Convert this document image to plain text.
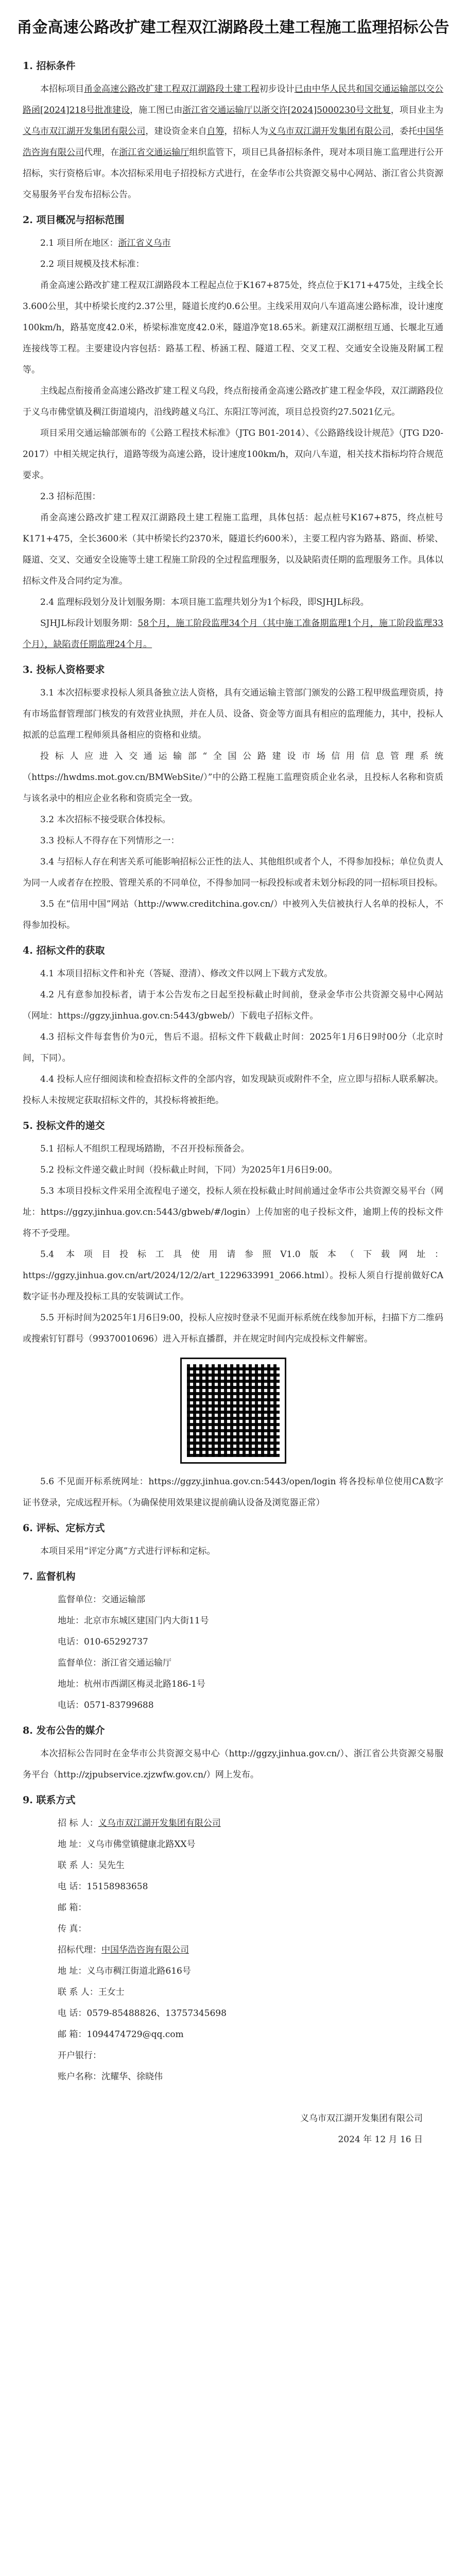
甬金高速公路改扩建工程双江湖路段土建工程施工监理招标公告
1. 招标条件

本招标项目甬金高速公路改扩建工程双江湖路段土建工程初步设计已由中华人民共和国交通运输部以交公路函[2024]218号批准建设，施工图已由浙江省交通运输厅以浙交许[2024]5000230号文批复，项目业主为义乌市双江湖开发集团有限公司，建设资金来自自筹，招标人为义乌市双江湖开发集团有限公司，委托中国华浩咨询有限公司代理，在浙江省交通运输厅组织监管下，项目已具备招标条件，现对本项目施工监理进行公开招标，实行资格后审。本次招标采用电子招投标方式进行，在金华市公共资源交易中心网站、浙江省公共资源交易服务平台发布招标公告。

2. 项目概况与招标范围

2.1 项目所在地区：浙江省义乌市

2.2 项目规模及技术标准：

甬金高速公路改扩建工程双江湖路段本工程起点位于K167+875处，终点位于K171+475处，主线全长3.600公里，其中桥梁长度约2.37公里，隧道长度约0.6公里。主线采用双向八车道高速公路标准，设计速度100km/h，路基宽度42.0米，桥梁标准宽度42.0米，隧道净宽18.65米。新建双江湖枢纽互通、长堰北互通连接线等工程。主要建设内容包括：路基工程、桥涵工程、隧道工程、交叉工程、交通安全设施及附属工程等。

主线起点衔接甬金高速公路改扩建工程义乌段，终点衔接甬金高速公路改扩建工程金华段，双江湖路段位于义乌市佛堂镇及稠江街道境内，沿线跨越义乌江、东阳江等河流，项目总投资约27.5021亿元。

项目采用交通运输部颁布的《公路工程技术标准》（JTG B01-2014）、《公路路线设计规范》（JTG D20-2017）中相关规定执行，道路等级为高速公路，设计速度100km/h，双向八车道，相关技术指标均符合规范要求。

2.3 招标范围：

甬金高速公路改扩建工程双江湖路段土建工程施工监理，具体包括：起点桩号K167+875，终点桩号K171+475，全长3600米（其中桥梁长约2370米，隧道长约600米），主要工程内容为路基、路面、桥梁、隧道、交叉、交通安全设施等土建工程施工阶段的全过程监理服务，以及缺陷责任期的监理服务工作。具体以招标文件及合同约定为准。

2.4 监理标段划分及计划服务期：本项目施工监理共划分为1个标段，即SJHJL标段。

SJHJL标段计划服务期：58个月，施工阶段监理34个月（其中施工准备期监理1个月，施工阶段监理33个月），缺陷责任期监理24个月。

3. 投标人资格要求

3.1 本次招标要求投标人须具备独立法人资格，具有交通运输主管部门颁发的公路工程甲级监理资质，持有市场监督管理部门核发的有效营业执照，并在人员、设备、资金等方面具有相应的监理能力，其中，投标人拟派的总监理工程师须具备相应的资格和业绩。

投标人应进入交通运输部“全国公路建设市场信用信息管理系统（https://hwdms.mot.gov.cn/BMWebSite/）”中的公路工程施工监理资质企业名录，且投标人名称和资质与该名录中的相应企业名称和资质完全一致。

3.2 本次招标不接受联合体投标。

3.3 投标人不得存在下列情形之一：

3.4 与招标人存在利害关系可能影响招标公正性的法人、其他组织或者个人，不得参加投标；单位负责人为同一人或者存在控股、管理关系的不同单位，不得参加同一标段投标或者未划分标段的同一招标项目投标。

3.5 在“信用中国”网站（http://www.creditchina.gov.cn/）中被列入失信被执行人名单的投标人，不得参加投标。

4. 招标文件的获取

4.1 本项目招标文件和补充（答疑、澄清）、修改文件以网上下载方式发放。

4.2 凡有意参加投标者，请于本公告发布之日起至投标截止时间前，登录金华市公共资源交易中心网站（网址：https://ggzy.jinhua.gov.cn:5443/gbweb/）下载电子招标文件。

4.3 招标文件每套售价为0元，售后不退。招标文件下载截止时间：2025年1月6日9时00分（北京时间，下同）。

4.4 投标人应仔细阅读和检查招标文件的全部内容，如发现缺页或附件不全，应立即与招标人联系解决。投标人未按规定获取招标文件的，其投标将被拒绝。

5. 投标文件的递交

5.1 招标人不组织工程现场踏勘，不召开投标预备会。

5.2 投标文件递交截止时间（投标截止时间，下同）为2025年1月6日9:00。

5.3 本项目投标文件采用全流程电子递交，投标人须在投标截止时间前通过金华市公共资源交易平台（网址：https://ggzy.jinhua.gov.cn:5443/gbweb/#/login）上传加密的电子投标文件，逾期上传的投标文件将不予受理。

5.4 本项目投标工具使用请参照V1.0版本（下载网址：https://ggzy.jinhua.gov.cn/art/2024/12/2/art_1229633991_2066.html）。投标人须自行提前做好CA数字证书办理及投标工具的安装调试工作。

5.5 开标时间为2025年1月6日9:00，投标人应按时登录不见面开标系统在线参加开标，扫描下方二维码或搜索钉钉群号（99370010696）进入开标直播群，并在规定时间内完成投标文件解密。

5.6 不见面开标系统网址：https://ggzy.jinhua.gov.cn:5443/open/login 将各投标单位使用CA数字证书登录，完成远程开标。（为确保使用效果建议提前确认设备及浏览器正常）

6. 评标、定标方式

本项目采用“评定分离”方式进行评标和定标。

7. 监督机构

监督单位：交通运输部

地址：北京市东城区建国门内大街11号

电话：010-65292737

监督单位：浙江省交通运输厅

地址：杭州市西湖区梅灵北路186-1号

电话：0571-83799688

8. 发布公告的媒介

本次招标公告同时在金华市公共资源交易中心（http://ggzy.jinhua.gov.cn/）、浙江省公共资源交易服务平台（http://zjpubservice.zjzwfw.gov.cn/）网上发布。

9. 联系方式

招 标 人：义乌市双江湖开发集团有限公司

地 址：义乌市佛堂镇健康北路XX号

联 系 人：吴先生

电 话：15158983658

邮 箱：

传 真：

招标代理：中国华浩咨询有限公司

地 址：义乌市稠江街道北路616号

联 系 人：王女士

电 话：0579-85488826、13757345698

邮 箱：1094474729@qq.com

开户银行：

账户名称：沈耀华、徐晓伟

义乌市双江湖开发集团有限公司

2024 年 12 月 16 日
